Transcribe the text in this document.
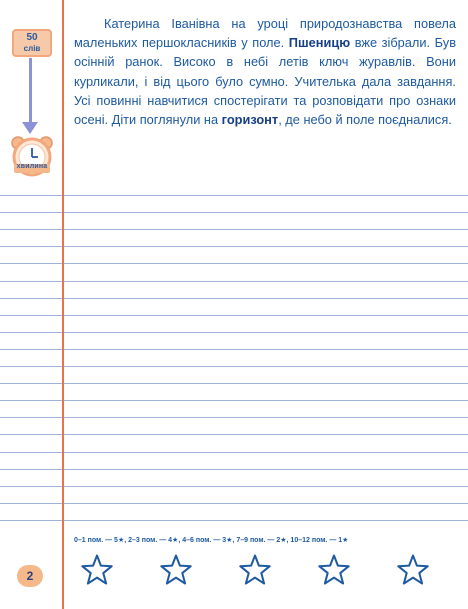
50
слів
хвилина
Катерина Іванівна на уроці природознавства повела маленьких першокласників у поле. Пшеницю вже зібрали. Був осінній ранок. Високо в небі летів ключ журавлів. Вони курликали, і від цього було сумно. Учителька дала завдання. Усі повинні навчитися спостерігати та розповідати про ознаки осені. Діти поглянули на горизонт, де небо й поле поєдналися.
0–1 пом. — 5★, 2–3 пом. — 4★, 4–6 пом. — 3★, 7–9 пом. — 2★, 10–12 пом. — 1★
2
